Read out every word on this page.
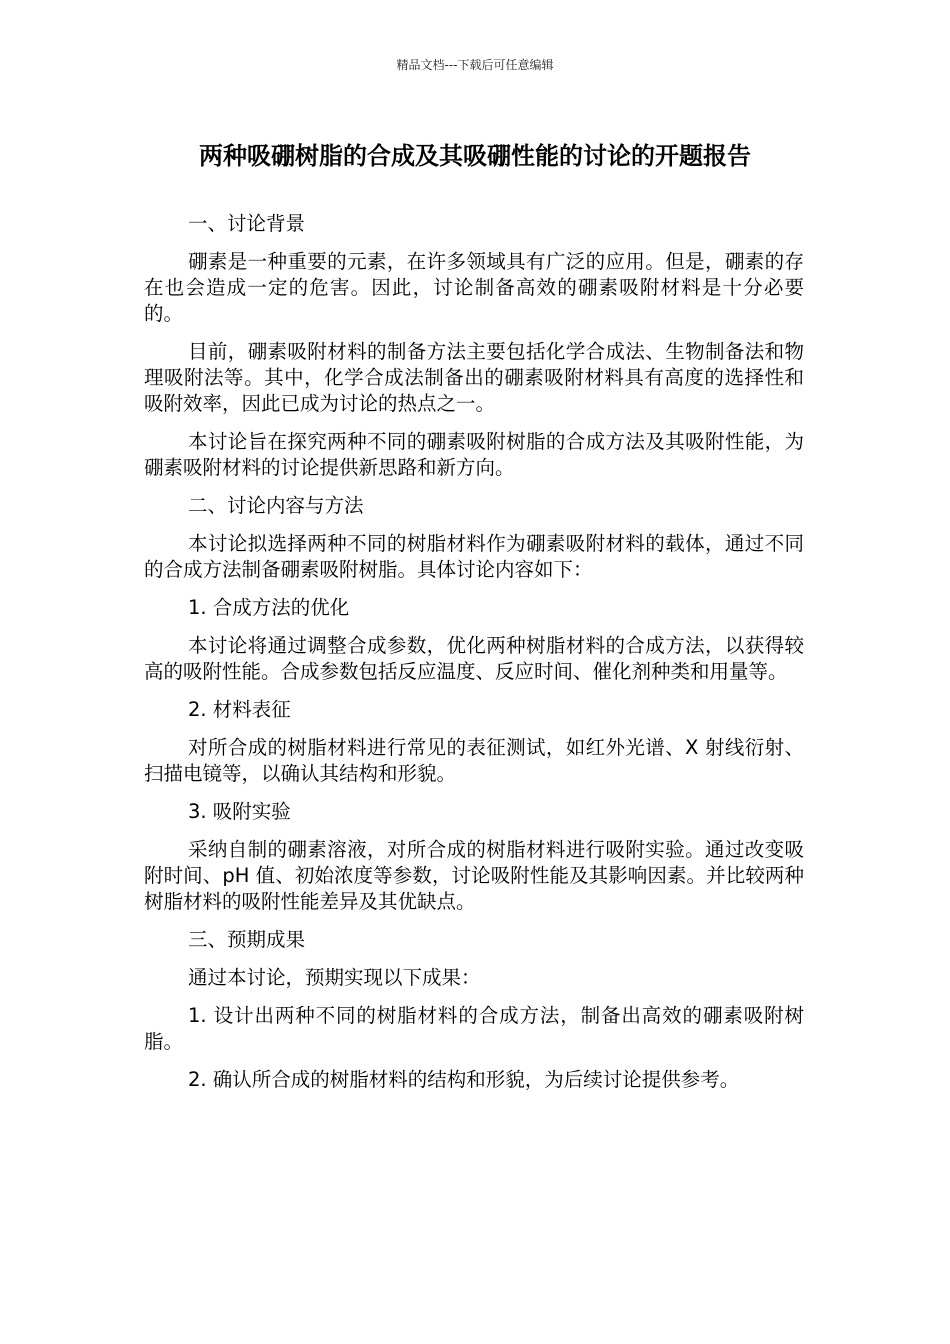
精品文档---下载后可任意编辑
两种吸硼树脂的合成及其吸硼性能的讨论的开题报告

一、讨论背景

硼素是一种重要的元素，在许多领域具有广泛的应用。但是，硼素的存在也会造成一定的危害。因此，讨论制备高效的硼素吸附材料是十分必要的。

目前，硼素吸附材料的制备方法主要包括化学合成法、生物制备法和物理吸附法等。其中，化学合成法制备出的硼素吸附材料具有高度的选择性和吸附效率，因此已成为讨论的热点之一。

本讨论旨在探究两种不同的硼素吸附树脂的合成方法及其吸附性能，为硼素吸附材料的讨论提供新思路和新方向。

二、讨论内容与方法

本讨论拟选择两种不同的树脂材料作为硼素吸附材料的载体，通过不同的合成方法制备硼素吸附树脂。具体讨论内容如下：

1. 合成方法的优化

本讨论将通过调整合成参数，优化两种树脂材料的合成方法，以获得较高的吸附性能。合成参数包括反应温度、反应时间、催化剂种类和用量等。

2. 材料表征

对所合成的树脂材料进行常见的表征测试，如红外光谱、X 射线衍射、扫描电镜等，以确认其结构和形貌。

3. 吸附实验

采纳自制的硼素溶液，对所合成的树脂材料进行吸附实验。通过改变吸附时间、pH 值、初始浓度等参数，讨论吸附性能及其影响因素。并比较两种树脂材料的吸附性能差异及其优缺点。

三、预期成果

通过本讨论，预期实现以下成果：

1. 设计出两种不同的树脂材料的合成方法，制备出高效的硼素吸附树脂。

2. 确认所合成的树脂材料的结构和形貌，为后续讨论提供参考。
